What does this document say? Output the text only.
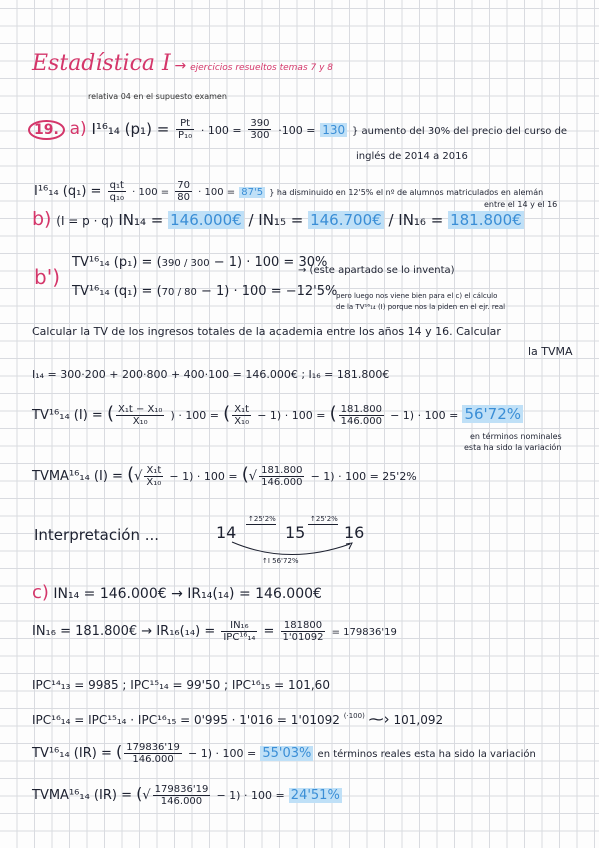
Estadística I → ejercicios resueltos temas 7 y 8
relativa 04 en el supuesto examen
19. a) I¹⁶₁₄ $(p_1) = \frac{Pt}{\text{P₁₀}} \cdot 100 = \frac{390}{300} \cdot 100 = 130$ } aumento del 30% del precio del curso de
inglés de 2014 a 2016
I¹⁶₁₄ $(q_1) = \frac{\text{q₁t}}{\text{q₁₀}} \cdot 100 = \frac{70}{80} \cdot 100 = 87'5$ } ha disminuido en 12'5% el nº de alumnos matriculados en alemán
entre el 14 y el 16
b) (I = p · q) IN₁₄ = 146.000€ / IN₁₅ = 146.700€ / IN₁₆ = 181.800€
b')
TV¹⁶₁₄ (p₁) = (390 / 300 − 1) · 100 = 30%
TV¹⁶₁₄ (q₁) = (70 / 80 − 1) · 100 = −12'5%
→ (este apartado se lo inventa)
pero luego nos viene bien para el c) el cálculo
de la TV¹⁶₁₄ (I) porque nos la piden en el ejr. real
Calcular la TV de los ingresos totales de la academia entre los años 14 y 16. Calcular
la TVMA
I₁₄ = 300·200 + 200·800 + 400·100 = 146.000€ ; I₁₆ = 181.800€
TV¹⁶₁₄ (I) = ( $\frac{\text{X₁t − X₁₀}}{\text{X₁₀}}$ ) · 100 = ( $\frac{\text{X₁t}}{\text{X₁₀}} - 1) \cdot 100$ = ( $\frac{181.800}{146.000} - 1) \cdot 100 = 56'72\%$
en términos nominales
esta ha sido la variación
TVMA¹⁶₁₄ (I) = (√ $\frac{\text{X₁t}}{\text{X₁₀}} - 1) \cdot 100$ = (√ $\frac{181.800}{146.000} - 1) \cdot 100 = 25'2\%$
Interpretación ...	14
↑25'2%
15
↑25'2%
16
↑I 56'72%
c) IN₁₄ = 146.000€ → IR₁₄(₁₄) = 146.000€
IN₁₆ = 181.800€ → $IR_{16}(_{14}) = \frac{\text{IN₁₆}}{\text{IPC¹⁶₁₄}} = \frac{181800}{1'01092} = 179836'19$
IPC¹⁴₁₃ = 9985 ; IPC¹⁵₁₄ = 99'50 ; IPC¹⁶₁₅ = 101,60
IPC¹⁶₁₄ = IPC¹⁵₁₄ · IPC¹⁶₁₅ = 0'995 · 1'016 = 1'01092 $^{(\cdot 100)}$ ⁓› 101,092
TV¹⁶₁₄ (IR) = ( $\frac{179836'19}{146.000} - 1) \cdot 100 = 55'03\%$ en términos reales esta ha sido la variación
TVMA¹⁶₁₄ (IR) = (√ $\frac{179836'19}{146.000} - 1) \cdot 100 = 24'51\%$
